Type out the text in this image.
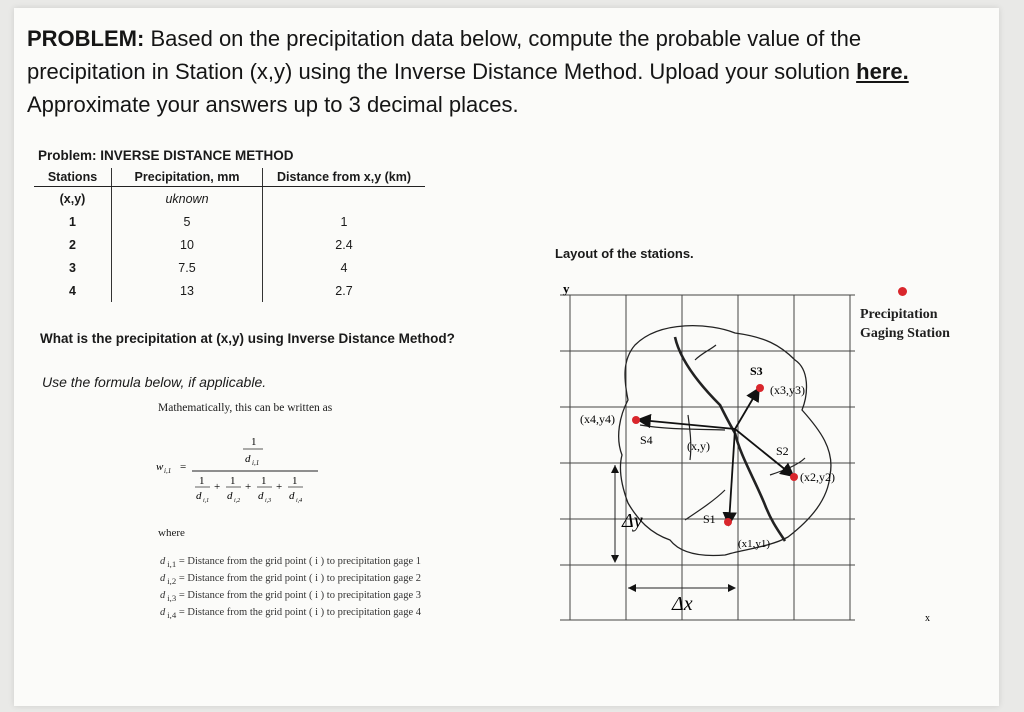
PROBLEM: Based on the precipitation data below, compute the probable value of the precipitation in Station (x,y) using the Inverse Distance Method. Upload your solution here. Approximate your answers up to 3 decimal places.
Problem: INVERSE DISTANCE METHOD
Stations	Precipitation, mm	Distance from x,y (km)
(x,y)	uknown	
1	5	1
2	10	2.4
3	7.5	4
4	13	2.7
What is the precipitation at (x,y) using Inverse Distance Method?
Use the formula below, if applicable.
Mathematically, this can be written as
w i,1 =
1
d i,1
1
d i,1
+ 1
d i,2
+ 1
d i,3
+ 1
d i,4
where
d $_{i,1}$ = Distance from the grid point ( i ) to precipitation gage 1
d $_{i,2}$ = Distance from the grid point ( i ) to precipitation gage 2
d $_{i,3}$ = Distance from the grid point ( i ) to precipitation gage 3
d $_{i,4}$ = Distance from the grid point ( i ) to precipitation gage 4
Layout of the stations.
y
x
(x,y)
S1
(x1,y1)
S2
(x2,y2)
S3
(x3,y3)
S4
(x4,y4)
Δy
Δx
Precipitation
Gaging Station
